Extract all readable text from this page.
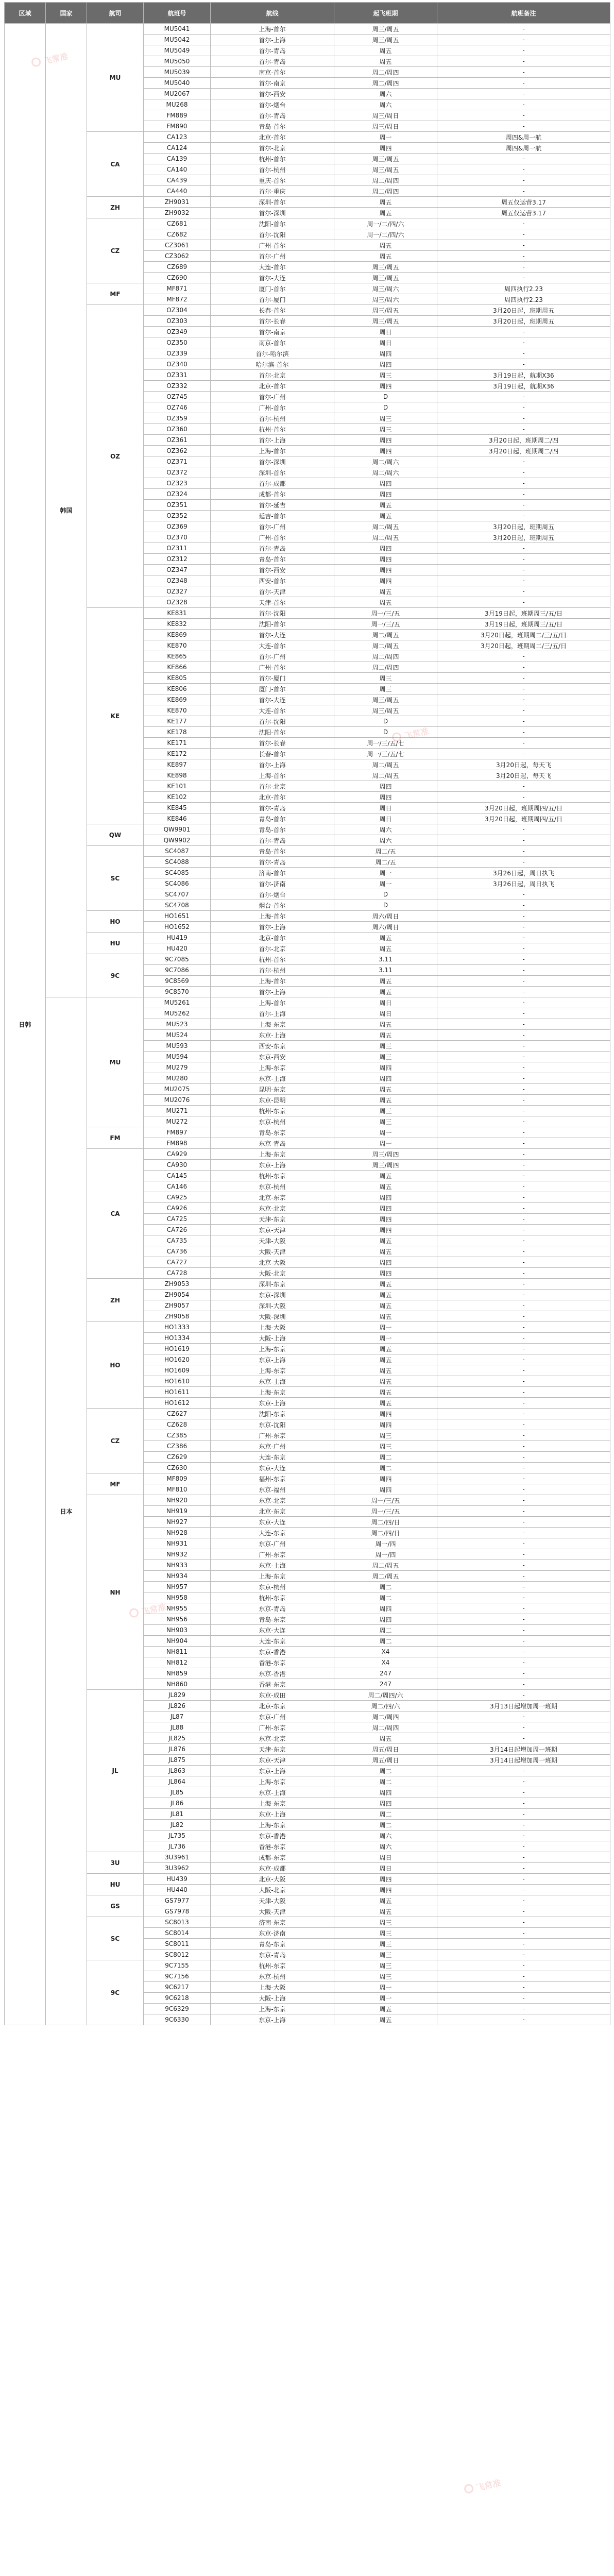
区域	国家	航司	航班号	航线	起飞班期	航班备注
日韩	韩国	MU	MU5041	上海-首尔	周三/周五	-
			MU5042	首尔-上海	周三/周五	-
			MU5049	首尔-青岛	周五	-
			MU5050	首尔-青岛	周五	-
			MU5039	南京-首尔	周二/周四	-
			MU5040	首尔-南京	周二/周四	-
			MU2067	首尔-西安	周六	-
			MU268	首尔-烟台	周六	-
			FM889	首尔-青岛	周三/周日	-
			FM890	青岛-首尔	周三/周日	-
		CA	CA123	北京-首尔	周一	周四&周一航
			CA124	首尔-北京	周四	周四&周一航
			CA139	杭州-首尔	周三/周五	-
			CA140	首尔-杭州	周三/周五	-
			CA439	重庆-首尔	周二/周四	-
			CA440	首尔-重庆	周二/周四	-
		ZH	ZH9031	深圳-首尔	周五	周五仅运营3.17
			ZH9032	首尔-深圳	周五	周五仅运营3.17
		CZ	CZ681	沈阳-首尔	周一/二/四/六	-
			CZ682	首尔-沈阳	周一/二/四/六	-
			CZ3061	广州-首尔	周五	-
			CZ3062	首尔-广州	周五	-
			CZ689	大连-首尔	周三/周五	-
			CZ690	首尔-大连	周三/周五	-
		MF	MF871	厦门-首尔	周三/周六	周四执行2.23
			MF872	首尔-厦门	周三/周六	周四执行2.23
		OZ	OZ304	长春-首尔	周三/周五	3月20日起，班期周五
			OZ303	首尔-长春	周三/周五	3月20日起，班期周五
			OZ349	首尔-南京	周日	-
			OZ350	南京-首尔	周日	-
			OZ339	首尔-哈尔滨	周四	-
			OZ340	哈尔滨-首尔	周四	-
			OZ331	首尔-北京	周三	3月19日起，航期X36
			OZ332	北京-首尔	周四	3月19日起，航期X36
			OZ745	首尔-广州	D	-
			OZ746	广州-首尔	D	-
			OZ359	首尔-杭州	周三	-
			OZ360	杭州-首尔	周三	-
			OZ361	首尔-上海	周四	3月20日起，班期周二/四
			OZ362	上海-首尔	周四	3月20日起，班期周二/四
			OZ371	首尔-深圳	周二/周六	-
			OZ372	深圳-首尔	周二/周六	-
			OZ323	首尔-成都	周四	-
			OZ324	成都-首尔	周四	-
			OZ351	首尔-延吉	周五	-
			OZ352	延吉-首尔	周五	-
			OZ369	首尔-广州	周二/周五	3月20日起，班期周五
			OZ370	广州-首尔	周二/周五	3月20日起，班期周五
			OZ311	首尔-青岛	周四	-
			OZ312	青岛-首尔	周四	-
			OZ347	首尔-西安	周四	-
			OZ348	西安-首尔	周四	-
			OZ327	首尔-天津	周五	-
			OZ328	天津-首尔	周五	-
		KE	KE831	首尔-沈阳	周一/三/五	3月19日起，班期周三/五/日
			KE832	沈阳-首尔	周一/三/五	3月19日起，班期周三/五/日
			KE869	首尔-大连	周二/周五	3月20日起，班期周二/三/五/日
			KE870	大连-首尔	周二/周五	3月20日起，班期周二/三/五/日
			KE865	首尔-广州	周二/周四	-
			KE866	广州-首尔	周二/周四	-
			KE805	首尔-厦门	周三	-
			KE806	厦门-首尔	周三	-
			KE869	首尔-大连	周三/周五	-
			KE870	大连-首尔	周三/周五	-
			KE177	首尔-沈阳	D	-
			KE178	沈阳-首尔	D	-
			KE171	首尔-长春	周一/三/五/七	-
			KE172	长春-首尔	周一/三/五/七	-
			KE897	首尔-上海	周二/周五	3月20日起，每天飞
			KE898	上海-首尔	周二/周五	3月20日起，每天飞
			KE101	首尔-北京	周四	-
			KE102	北京-首尔	周四	-
			KE845	首尔-青岛	周日	3月20日起，班期周四/五/日
			KE846	青岛-首尔	周日	3月20日起，班期周四/五/日
		QW	QW9901	青岛-首尔	周六	-
			QW9902	首尔-青岛	周六	-
		SC	SC4087	青岛-首尔	周二/五	-
			SC4088	首尔-青岛	周二/五	-
			SC4085	济南-首尔	周一	3月26日起，周日执飞
			SC4086	首尔-济南	周一	3月26日起，周日执飞
			SC4707	首尔-烟台	D	-
			SC4708	烟台-首尔	D	-
		HO	HO1651	上海-首尔	周六/周日	-
			HO1652	首尔-上海	周六/周日	-
		HU	HU419	北京-首尔	周五	-
			HU420	首尔-北京	周五	-
		9C	9C7085	杭州-首尔	3.11	-
			9C7086	首尔-杭州	3.11	-
			9C8569	上海-首尔	周五	-
			9C8570	首尔-上海	周五	-
	日本	MU	MU5261	上海-首尔	周日	-
			MU5262	首尔-上海	周日	-
			MU523	上海-东京	周五	-
			MU524	东京-上海	周五	-
			MU593	西安-东京	周三	-
			MU594	东京-西安	周三	-
			MU279	上海-东京	周四	-
			MU280	东京-上海	周四	-
			MU2075	昆明-东京	周五	-
			MU2076	东京-昆明	周五	-
			MU271	杭州-东京	周三	-
			MU272	东京-杭州	周三	-
		FM	FM897	青岛-东京	周一	-
			FM898	东京-青岛	周一	-
		CA	CA929	上海-东京	周三/周四	-
			CA930	东京-上海	周三/周四	-
			CA145	杭州-东京	周五	-
			CA146	东京-杭州	周五	-
			CA925	北京-东京	周四	-
			CA926	东京-北京	周四	-
			CA725	天津-东京	周四	-
			CA726	东京-天津	周四	-
			CA735	天津-大阪	周五	-
			CA736	大阪-天津	周五	-
			CA727	北京-大阪	周四	-
			CA728	大阪-北京	周四	-
		ZH	ZH9053	深圳-东京	周五	-
			ZH9054	东京-深圳	周五	-
			ZH9057	深圳-大阪	周五	-
			ZH9058	大阪-深圳	周五	-
		HO	HO1333	上海-大阪	周一	-
			HO1334	大阪-上海	周一	-
			HO1619	上海-东京	周五	-
			HO1620	东京-上海	周五	-
			HO1609	上海-东京	周五	-
			HO1610	东京-上海	周五	-
			HO1611	上海-东京	周五	-
			HO1612	东京-上海	周五	-
		CZ	CZ627	沈阳-东京	周四	-
			CZ628	东京-沈阳	周四	-
			CZ385	广州-东京	周三	-
			CZ386	东京-广州	周三	-
			CZ629	大连-东京	周二	-
			CZ630	东京-大连	周二	-
		MF	MF809	福州-东京	周四	-
			MF810	东京-福州	周四	-
		NH	NH920	东京-北京	周一/三/五	-
			NH919	北京-东京	周一/三/五	-
			NH927	东京-大连	周二/四/日	-
			NH928	大连-东京	周二/四/日	-
			NH931	东京-广州	周一/四	-
			NH932	广州-东京	周一/四	-
			NH933	东京-上海	周二/周五	-
			NH934	上海-东京	周二/周五	-
			NH957	东京-杭州	周二	-
			NH958	杭州-东京	周二	-
			NH955	东京-青岛	周四	-
			NH956	青岛-东京	周四	-
			NH903	东京-大连	周二	-
			NH904	大连-东京	周二	-
			NH811	东京-香港	X4	-
			NH812	香港-东京	X4	-
			NH859	东京-香港	247	-
			NH860	香港-东京	247	-
		JL	JL829	东京-成田	周二/周四/六	-
			JL826	北京-东京	周二/四/六	3月13日起增加周一班期
			JL87	东京-广州	周二/周四	-
			JL88	广州-东京	周二/周四	-
			JL825	东京-北京	周五	-
			JL876	天津-东京	周五/周日	3月14日起增加周一班期
			JL875	东京-天津	周五/周日	3月14日起增加周一班期
			JL863	东京-上海	周二	-
			JL864	上海-东京	周二	-
			JL85	东京-上海	周四	-
			JL86	上海-东京	周四	-
			JL81	东京-上海	周二	-
			JL82	上海-东京	周二	-
			JL735	东京-香港	周六	-
			JL736	香港-东京	周六	-
		3U	3U3961	成都-东京	周日	-
			3U3962	东京-成都	周日	-
		HU	HU439	北京-大阪	周四	-
			HU440	大阪-北京	周四	-
		GS	GS7977	天津-大阪	周五	-
			GS7978	大阪-天津	周五	-
		SC	SC8013	济南-东京	周三	-
			SC8014	东京-济南	周三	-
			SC8011	青岛-东京	周三	-
			SC8012	东京-青岛	周三	-
		9C	9C7155	杭州-东京	周三	-
			9C7156	东京-杭州	周三	-
			9C6217	上海-大阪	周一	-
			9C6218	大阪-上海	周一	-
			9C6329	上海-东京	周五	-
			9C6330	东京-上海	周五	-
飞常准
飞常准
飞常准
飞常准
